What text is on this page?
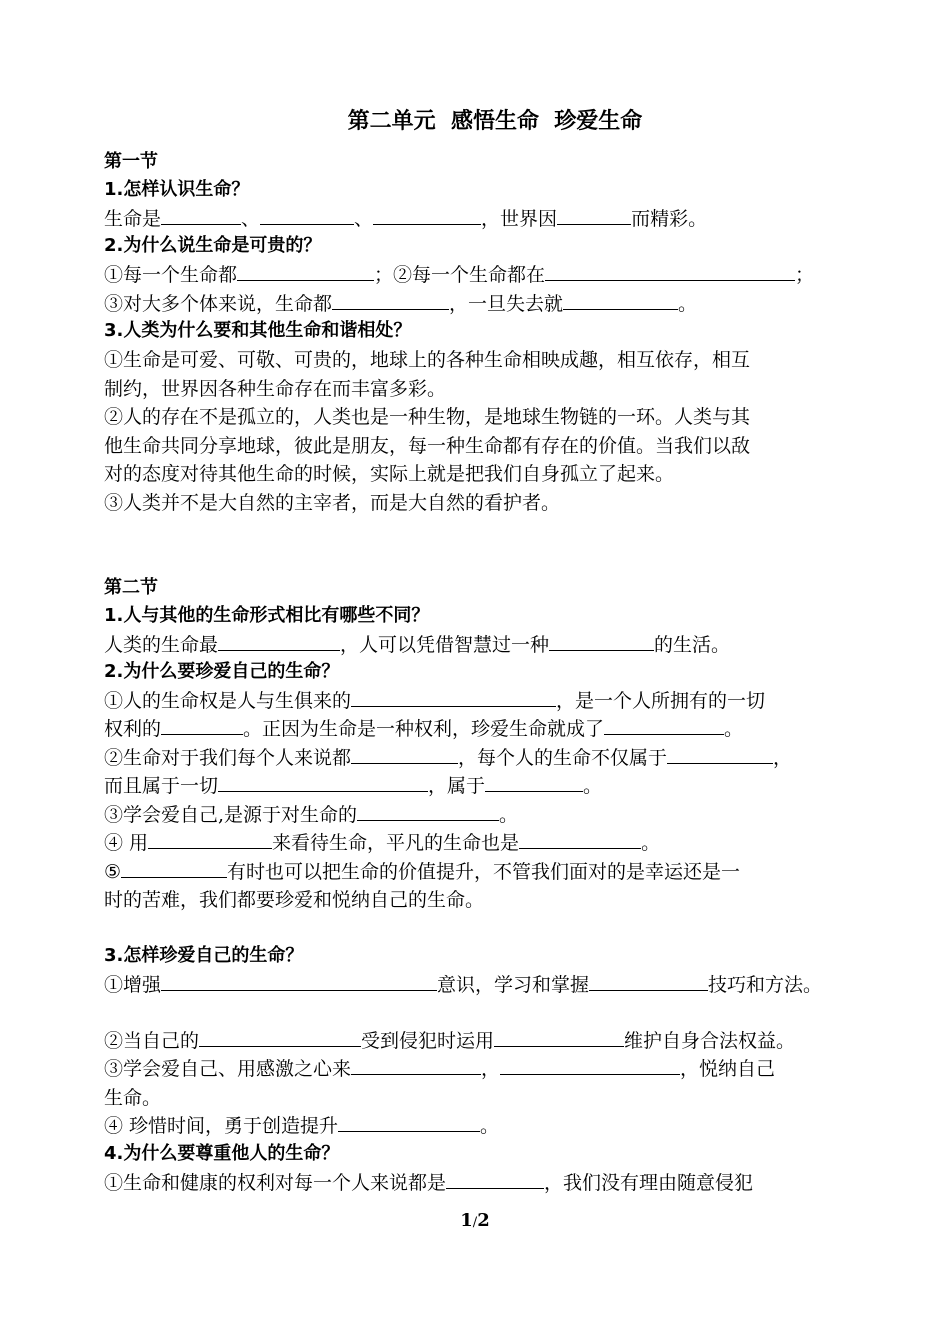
第二单元  感悟生命  珍爱生命
第一节
1.怎样认识生命？
生命是	、	、	，世界因	而精彩。
2.为什么说生命是可贵的？
①每一个生命都	；②每一个生命都在	；
③对大多个体来说，生命都	，一旦失去就	。
3.人类为什么要和其他生命和谐相处？
①生命是可爱、可敬、可贵的，地球上的各种生命相映成趣，相互依存，相互
制约，世界因各种生命存在而丰富多彩。
②人的存在不是孤立的，人类也是一种生物，是地球生物链的一环。人类与其
他生命共同分享地球，彼此是朋友，每一种生命都有存在的价值。当我们以敌
对的态度对待其他生命的时候，实际上就是把我们自身孤立了起来。
③人类并不是大自然的主宰者，而是大自然的看护者。
第二节
1.人与其他的生命形式相比有哪些不同？
人类的生命最	，人可以凭借智慧过一种	的生活。
2.为什么要珍爱自己的生命？
①人的生命权是人与生俱来的	，是一个人所拥有的一切
权利的	。正因为生命是一种权利，珍爱生命就成了	。
②生命对于我们每个人来说都	，每个人的生命不仅属于	，
而且属于一切	，属于	。
③学会爱自己,是源于对生命的	。
④ 用	来看待生命，平凡的生命也是	。
⑤	有时也可以把生命的价值提升，不管我们面对的是幸运还是一
时的苦难，我们都要珍爱和悦纳自己的生命。
3.怎样珍爱自己的生命？
①增强	意识，学习和掌握	技巧和方法。
②当自己的	受到侵犯时运用	维护自身合法权益。
③学会爱自己、用感激之心来	，	，悦纳自己
生命。
④ 珍惜时间，勇于创造提升	。
4.为什么要尊重他人的生命？
①生命和健康的权利对每一个人来说都是	，我们没有理由随意侵犯
1/2
